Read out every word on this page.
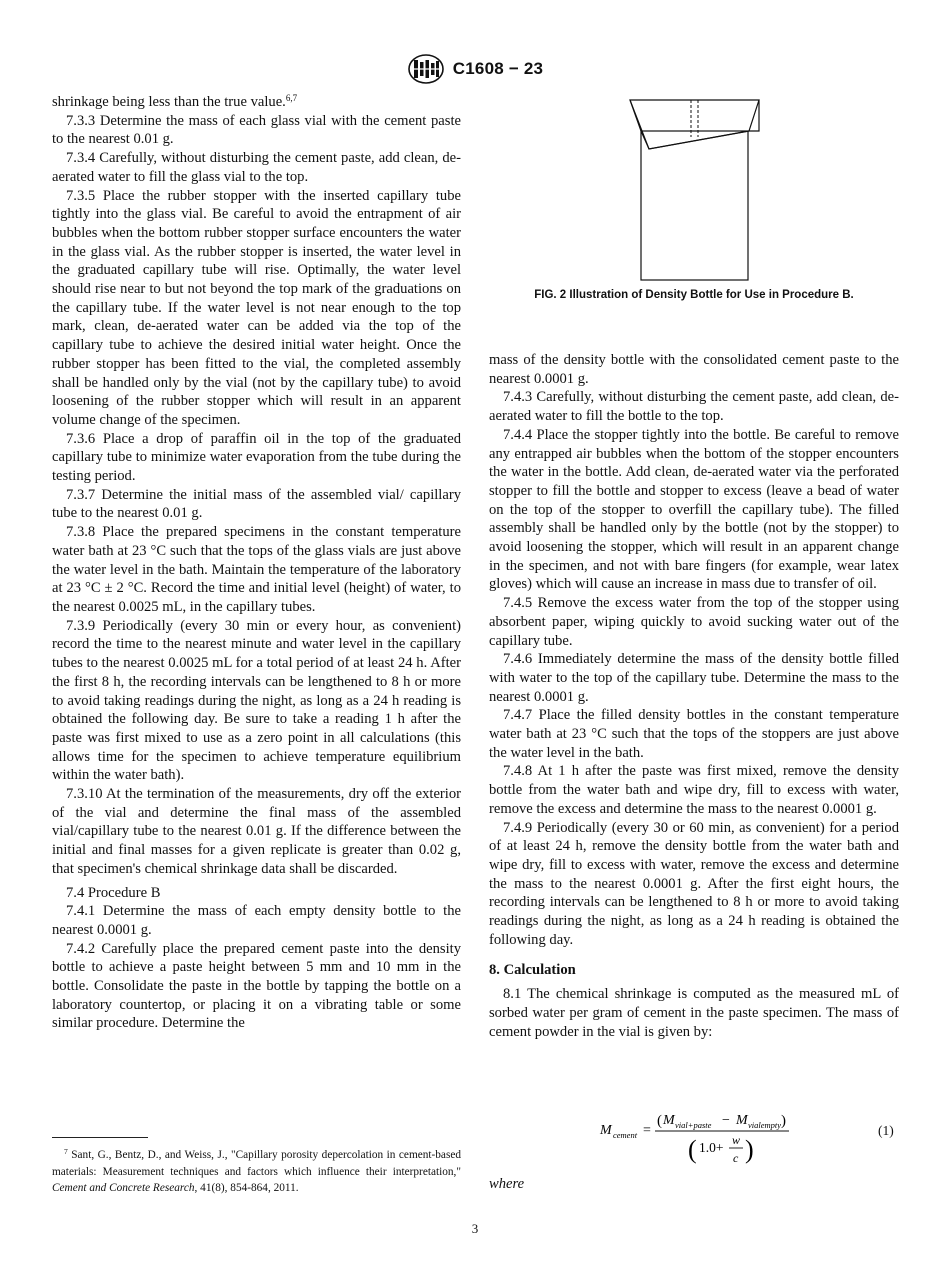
C1608 − 23

shrinkage being less than the true value.$^{6,7}$

7.3.3 Determine the mass of each glass vial with the cement paste to the nearest 0.01 g.

7.3.4 Carefully, without disturbing the cement paste, add clean, de-aerated water to fill the glass vial to the top.

7.3.5 Place the rubber stopper with the inserted capillary tube tightly into the glass vial. Be careful to avoid the entrapment of air bubbles when the bottom rubber stopper surface encounters the water in the glass vial. As the rubber stopper is inserted, the water level in the graduated capillary tube will rise. Optimally, the water level should rise near to but not beyond the top mark of the graduations on the capillary tube. If the water level is not near enough to the top mark, clean, de-aerated water can be added via the top of the capillary tube to achieve the desired initial water height. Once the rubber stopper has been fitted to the vial, the completed assembly shall be handled only by the vial (not by the capillary tube) to avoid loosening of the rubber stopper which will result in an apparent volume change of the specimen.

7.3.6 Place a drop of paraffin oil in the top of the graduated capillary tube to minimize water evaporation from the tube during the testing period.

7.3.7 Determine the initial mass of the assembled vial/ capillary tube to the nearest 0.01 g.

7.3.8 Place the prepared specimens in the constant temperature water bath at 23 °C such that the tops of the glass vials are just above the water level in the bath. Maintain the temperature of the laboratory at 23 °C ± 2 °C. Record the time and initial level (height) of water, to the nearest 0.0025 mL, in the capillary tubes.

7.3.9 Periodically (every 30 min or every hour, as convenient) record the time to the nearest minute and water level in the capillary tubes to the nearest 0.0025 mL for a total period of at least 24 h. After the first 8 h, the recording intervals can be lengthened to 8 h or more to avoid taking readings during the night, as long as a 24 h reading is obtained the following day. Be sure to take a reading 1 h after the paste was first mixed to use as a zero point in all calculations (this allows time for the specimen to achieve temperature equilibrium within the water bath).

7.3.10 At the termination of the measurements, dry off the exterior of the vial and determine the final mass of the assembled vial/capillary tube to the nearest 0.01 g. If the difference between the initial and final masses for a given replicate is greater than 0.02 g, that specimen's chemical shrinkage data shall be discarded.

7.4 Procedure B

7.4.1 Determine the mass of each empty density bottle to the nearest 0.0001 g.

7.4.2 Carefully place the prepared cement paste into the density bottle to achieve a paste height between 5 mm and 10 mm in the bottle. Consolidate the paste in the bottle by tapping the bottle on a laboratory countertop, or placing it on a vibrating table or some similar procedure. Determine the

FIG. 2 Illustration of Density Bottle for Use in Procedure B.

mass of the density bottle with the consolidated cement paste to the nearest 0.0001 g.

7.4.3 Carefully, without disturbing the cement paste, add clean, de-aerated water to fill the bottle to the top.

7.4.4 Place the stopper tightly into the bottle. Be careful to remove any entrapped air bubbles when the bottom of the stopper encounters the water in the bottle. Add clean, de-aerated water via the perforated stopper to fill the bottle and stopper to excess (leave a bead of water on the top of the stopper to overfill the capillary tube). The filled assembly shall be handled only by the bottle (not by the stopper) to avoid loosening the stopper, which will result in an apparent change in the specimen, and not with bare fingers (for example, wear latex gloves) which will cause an increase in mass due to transfer of oil.

7.4.5 Remove the excess water from the top of the stopper using absorbent paper, wiping quickly to avoid sucking water out of the capillary tube.

7.4.6 Immediately determine the mass of the density bottle filled with water to the top of the capillary tube. Determine the mass to the nearest 0.0001 g.

7.4.7 Place the filled density bottles in the constant temperature water bath at 23 °C such that the tops of the stoppers are just above the water level in the bath.

7.4.8 At 1 h after the paste was first mixed, remove the density bottle from the water bath and wipe dry, fill to excess with water, remove the excess and determine the mass to the nearest 0.0001 g.

7.4.9 Periodically (every 30 or 60 min, as convenient) for a period of at least 24 h, remove the density bottle from the water bath and wipe dry, fill to excess with water, remove the excess and determine the mass to the nearest 0.0001 g. After the first eight hours, the recording intervals can be lengthened to 8 h or more to avoid taking readings during the night, as long as a 24 h reading is obtained the following day.

8. Calculation

8.1 The chemical shrinkage is computed as the measured mL of sorbed water per gram of cement in the paste specimen. The mass of cement powder in the vial is given by:

M cement =
( M vial+paste − M vialempty )
( 1.0+ w
c )
(1)
where
$^7$ Sant, G., Bentz, D., and Weiss, J., "Capillary porosity depercolation in cement-based materials: Measurement techniques and factors which influence their interpretation," Cement and Concrete Research, 41(8), 854-864, 2011.
3
